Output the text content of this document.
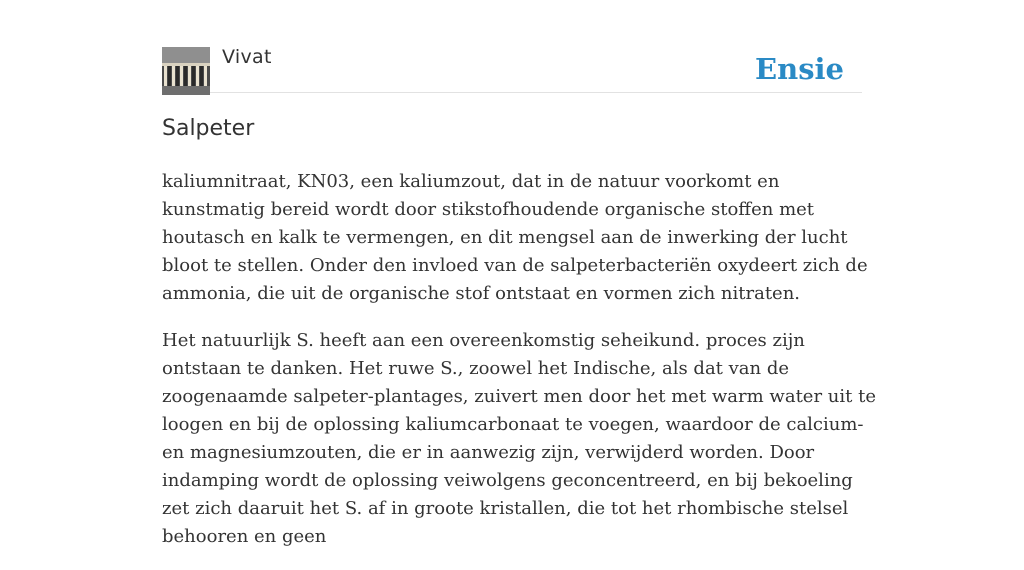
Vivat	Ensie
Salpeter

kaliumnitraat, KN03, een kaliumzout, dat in de natuur voorkomt en kunstmatig bereid wordt door stikstofhoudende organische stoffen met houtasch en kalk te vermengen, en dit mengsel aan de inwerking der lucht bloot te stellen. Onder den invloed van de salpeterbacteriën oxydeert zich de ammonia, die uit de organische stof ontstaat en vormen zich nitraten.

Het natuurlijk S. heeft aan een overeenkomstig seheikund. proces zijn ontstaan te danken. Het ruwe S., zoowel het Indische, als dat van de zoogenaamde salpeter-plantages, zuivert men door het met warm water uit te loogen en bij de oplossing kaliumcarbonaat te voegen, waardoor de calcium- en magnesiumzouten, die er in aanwezig zijn, verwijderd worden. Door indamping wordt de oplossing veiwolgens geconcentreerd, en bij bekoeling zet zich daaruit het S. af in groote kristallen, die tot het rhombische stelsel behooren en geen
